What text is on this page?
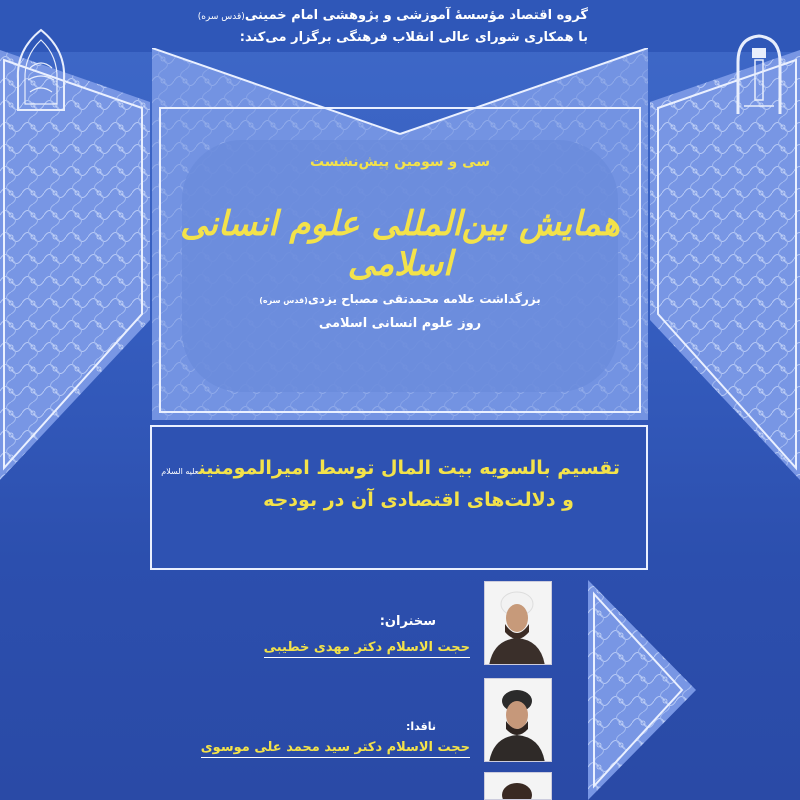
گروه اقتصاد مؤسسهٔ آموزشی و پژوهشی امام خمینی(قدس سره)
با همکاری شورای عالی انقلاب فرهنگی برگزار می‌کند:
سی و سومین پیش‌نشست
همایش بین‌المللی علوم انسانی اسلامی
بزرگداشت علامه محمدتقی مصباح یزدی(قدس سره)
روز علوم انسانی اسلامی
تقسیم بالسویه بیت المال توسط امیرالمومنینعلیه السلام
و دلالت‌های اقتصادی آن در بودجه
سخنران:
حجت الاسلام دکتر مهدی خطیبی
ناقدا:
حجت الاسلام دکتر سید محمد علی موسوی
